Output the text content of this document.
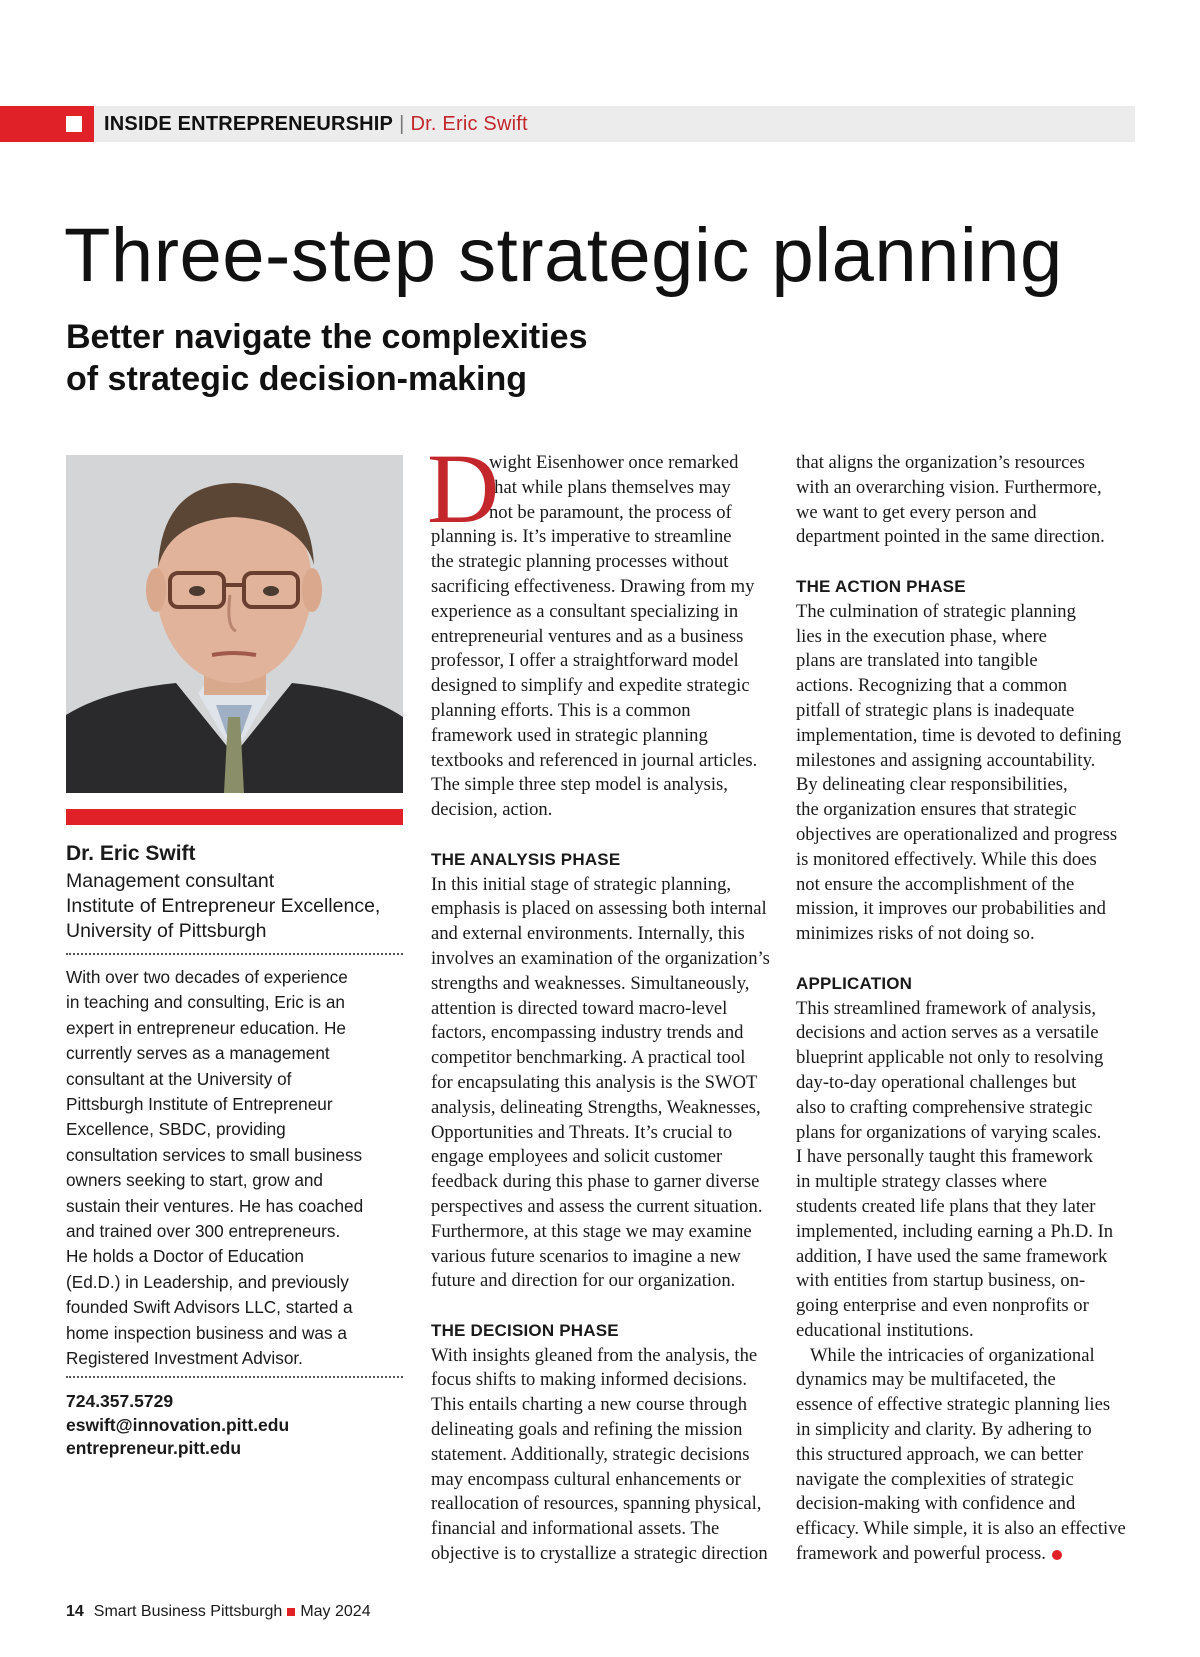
INSIDE ENTREPRENEURSHIP | Dr. Eric Swift
Three-step strategic planning
Better navigate the complexities
of strategic decision-making
Dr. Eric Swift
Management consultant
Institute of Entrepreneur Excellence,
University of Pittsburgh

With over two decades of experience
in teaching and consulting, Eric is an
expert in entrepreneur education. He
currently serves as a management
consultant at the University of
Pittsburgh Institute of Entrepreneur
Excellence, SBDC, providing
consultation services to small business
owners seeking to start, grow and
sustain their ventures. He has coached
and trained over 300 entrepreneurs.
He holds a Doctor of Education
(Ed.D.) in Leadership, and previously
founded Swift Advisors LLC, started a
home inspection business and was a
Registered Investment Advisor.

724.357.5729
eswift@innovation.pitt.edu
entrepreneur.pitt.edu
D
wight Eisenhower once remarked
that while plans themselves may
not be paramount, the process of
planning is. It’s imperative to streamline
the strategic planning processes without
sacrificing effectiveness. Drawing from my
experience as a consultant specializing in
entrepreneurial ventures and as a business
professor, I offer a straightforward model
designed to simplify and expedite strategic
planning efforts. This is a common
framework used in strategic planning
textbooks and referenced in journal articles.
The simple three step model is analysis,
decision, action.
THE ANALYSIS PHASE
In this initial stage of strategic planning,
emphasis is placed on assessing both internal
and external environments. Internally, this
involves an examination of the organization’s
strengths and weaknesses. Simultaneously,
attention is directed toward macro-level
factors, encompassing industry trends and
competitor benchmarking. A practical tool
for encapsulating this analysis is the SWOT
analysis, delineating Strengths, Weaknesses,
Opportunities and Threats. It’s crucial to
engage employees and solicit customer
feedback during this phase to garner diverse
perspectives and assess the current situation.
Furthermore, at this stage we may examine
various future scenarios to imagine a new
future and direction for our organization.
THE DECISION PHASE
With insights gleaned from the analysis, the
focus shifts to making informed decisions.
This entails charting a new course through
delineating goals and refining the mission
statement. Additionally, strategic decisions
may encompass cultural enhancements or
reallocation of resources, spanning physical,
financial and informational assets. The
objective is to crystallize a strategic direction
that aligns the organization’s resources
with an overarching vision. Furthermore,
we want to get every person and
department pointed in the same direction.
THE ACTION PHASE
The culmination of strategic planning
lies in the execution phase, where
plans are translated into tangible
actions. Recognizing that a common
pitfall of strategic plans is inadequate
implementation, time is devoted to defining
milestones and assigning accountability.
By delineating clear responsibilities,
the organization ensures that strategic
objectives are operationalized and progress
is monitored effectively. While this does
not ensure the accomplishment of the
mission, it improves our probabilities and
minimizes risks of not doing so.
APPLICATION
This streamlined framework of analysis,
decisions and action serves as a versatile
blueprint applicable not only to resolving
day-to-day operational challenges but
also to crafting comprehensive strategic
plans for organizations of varying scales.
I have personally taught this framework
in multiple strategy classes where
students created life plans that they later
implemented, including earning a Ph.D. In
addition, I have used the same framework
with entities from startup business, on-
going enterprise and even nonprofits or
educational institutions.
While the intricacies of organizational
dynamics may be multifaceted, the
essence of effective strategic planning lies
in simplicity and clarity. By adhering to
this structured approach, we can better
navigate the complexities of strategic
decision-making with confidence and
efficacy. While simple, it is also an effective
framework and powerful process.
14 Smart Business Pittsburgh May 2024
